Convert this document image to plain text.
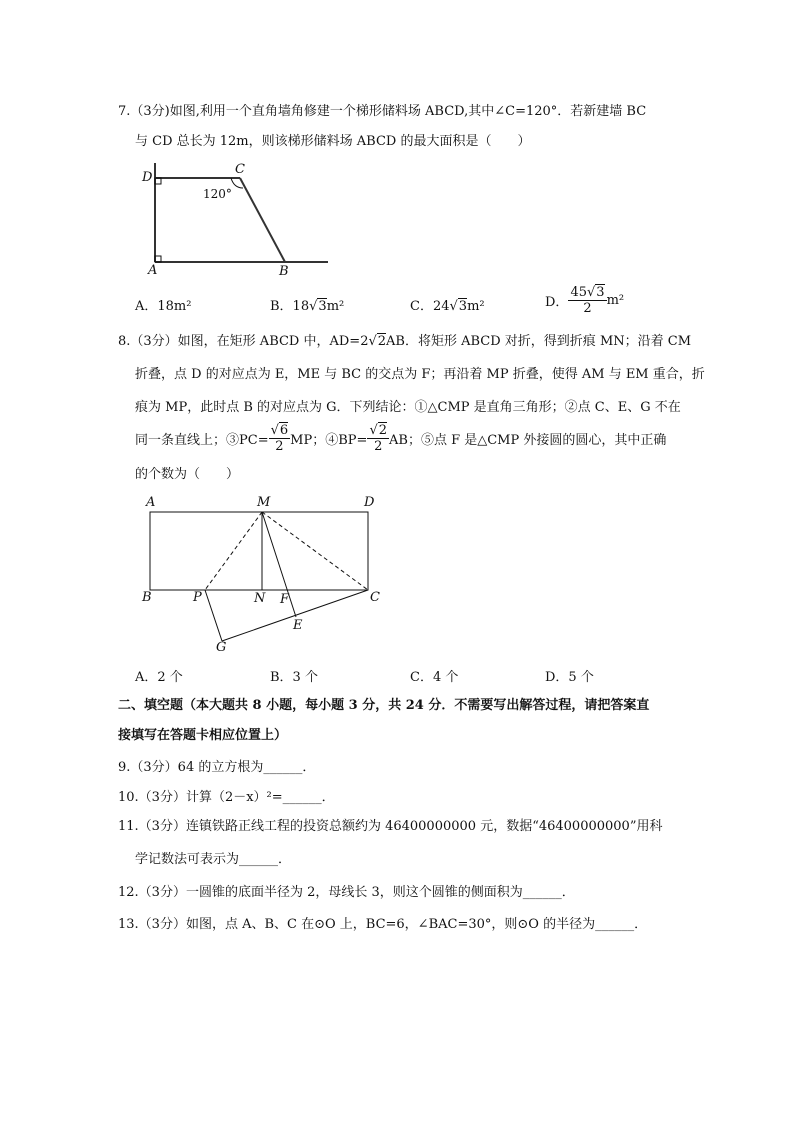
7.（3分)如图,利用一个直角墙角修建一个梯形储料场 ABCD,其中∠C=120°．若新建墙 BC
与 CD 总长为 12m，则该梯形储料场 ABCD 的最大面积是（　　）
D
C
A	B
120°
A．18m²	B．18√3m²	C．24√3m²	D． $\frac{45√3}{2} m^2$
8.（3分）如图，在矩形 ABCD 中，AD=2√2AB．将矩形 ABCD 对折，得到折痕 MN；沿着 CM
折叠，点 D 的对应点为 E，ME 与 BC 的交点为 F；再沿着 MP 折叠，使得 AM 与 EM 重合，折
痕为 MP，此时点 B 的对应点为 G．下列结论：①△CMP 是直角三角形；②点 C、E、G 不在
同一条直线上；③PC= $\frac{√6}{2}$ MP；④BP= $\frac{√2}{2}$ AB；⑤点 F 是△CMP 外接圆的圆心，其中正确
的个数为（　　）
A	M	D
B	P	N F	C
E
G
A．2 个	B．3 个	C．4 个	D．5 个
二、填空题（本大题共 8 小题，每小题 3 分，共 24 分．不需要写出解答过程，请把答案直
接填写在答题卡相应位置上）
9.（3分）64 的立方根为______．
10.（3分）计算（2－x）²=______．
11.（3分）连镇铁路正线工程的投资总额约为 46400000000 元，数据“46400000000”用科
学记数法可表示为______．
12.（3分）一圆锥的底面半径为 2，母线长 3，则这个圆锥的侧面积为______．
13.（3分）如图，点 A、B、C 在⊙O 上，BC=6，∠BAC=30°，则⊙O 的半径为______．
